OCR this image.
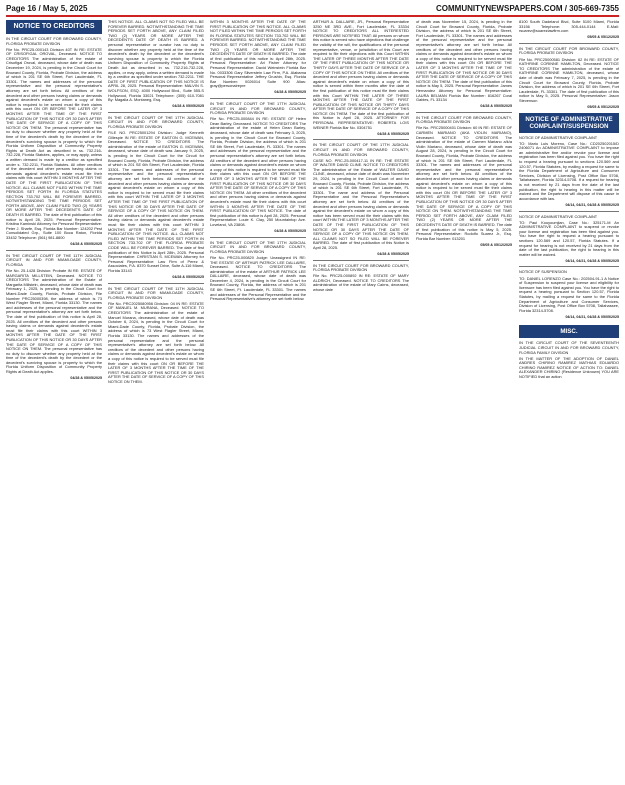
Page 16 / May 5, 2025	COMMUNITYNEWSPAPERS.COM / 305-669-7355
NOTICE TO CREDITORS

IN THE CIRCUIT COURT FOR BROWARD COUNTY, FLORIDA PROBATE DIVISION

File No. PRC25-000143 Division 40T IN RE: ESTATE OF CRISOFIGAL OROVAL, Deceased. NOTICE TO CREDITORS The administration of the estate of Crisofigal Oroval, deceased, whose date of death was December 19, 2024, is pending in the Circuit Court for Broward County, Florida, Probate Division, the address of which is 201 SE 6th Street, Fort Lauderdale, FL 33301. The names and addresses of the personal representative and the personal representative's attorney are set forth below. All creditors of the decedent and other persons having claims or demands against decedent's estate on whom a copy of this notice is required to be served must file their claims with this court ON OR BEFORE THE LATER OF 3 MONTHS AFTER THE TIME OF THE FIRST PUBLICATION OF THIS NOTICE OR 30 DAYS AFTER THE DATE OF SERVICE OF A COPY OF THIS NOTICE ON THEM. The personal representative has no duty to discover whether any property held at the time of the decedent's death by the decedent or the decedent's surviving spouse is property to which the Florida Uniform Disposition of Community Property Rights at Death Act as described in ss. 732.216-732.228, Florida Statutes, applies, or may apply, unless a written demand is made by a creditor as specified under s. 732.2211, Florida Statutes. All other creditors of the decedent and other persons having claims or demands against decedent's estate must file their claims with this court WITHIN 3 MONTHS AFTER THE DATE OF THE FIRST PUBLICATION OF THIS NOTICE. ALL CLAIMS NOT FILED WITHIN THE TIME PERIODS SET FORTH IN FLORIDA STATUTES SECTION 733.702 WILL BE FOREVER BARRED. NOTWITHSTANDING THE TIME PERIODS SET FORTH ABOVE, ANY CLAIM FILED TWO (2) YEARS OR MORE AFTER THE DECEDENT'S DATE OF DEATH IS BARRED. The date of first publication of this notice is April 28, 2025. Personal Representative: Kristina Kaminski Attorney for Personal Representative: Peter J. Sharfe, Esq. Florida Bar Number: 124202 Pest Consolidated Grp., Suite 100 Boca Raton, Florida 33432 Telephone: (561) 981-8800

04/28 & 05/05/2025

IN THE CIRCUIT COURT OF THE 11TH JUDICIAL CIRCUIT IN AND FOR MIAMI-DADE COUNTY, FLORIDA

File No. 25-1428 Division: Probate IN RE: ESTATE OF MARGARITA MILLSTEIN, Deceased. NOTICE TO CREDITORS The administration of the Estate of Margarita Millstein, deceased, whose date of death was February 1, 2025, is pending in the Circuit Court for Miami-Dade County, Florida, Probate Division, File Number PRC25000398, the address of which is 73 West Flagler Street, Miami, Florida 33130. The names and addresses of the personal representative and the personal representative's attorney are set forth below. The date of first publication of this notice is April 28, 2025. All creditors of the decedent and other persons having claims or demands against decedent's estate must file their claims with this court WITHIN 3 MONTHS AFTER THE DATE OF THE FIRST PUBLICATION OF THIS NOTICE OR 30 DAYS AFTER THE DATE OF SERVICE OF A COPY OF THIS NOTICE ON THEM. The personal representative has no duty to discover whether any property held at the time of the decedent's death by the decedent or the decedent's surviving spouse is property to which the Florida Uniform Disposition of Community Property Rights at Death Act applies.

04/28 & 05/05/2025

THIS NOTICE. ALL CLAIMS NOT SO FILED WILL BE FOREVER BARRED. NOTWITHSTANDING THE TIME PERIODS SET FORTH ABOVE, ANY CLAIM FILED TWO (2) YEARS OR MORE AFTER THE DECEDENT'S DATE OF DEATH IS BARRED. A personal representative or curator has no duty to discover whether any property held at the time of the decedent's death by the decedent or the decedent's surviving spouse is property to which the Florida Uniform Disposition of Community Property Rights at Death Act as described in ss. 732.216-732.228, applies, or may apply, unless a written demand is made by a creditor as specified under section 732.2211. THE DATE OF FIRST PUBLICATION OF THIS NOTICE IS APRIL 28, 2025. Personal Representative: MALVIN S. WOLFSON, ESQ. 4000 Hollywood Blvd., Suite 555-S Hollywood, Florida 33021 Telephone: (305) 610-7081 By: Magalia A. Montaneg, Esq.

04/28 & 05/05/2025

IN THE CIRCUIT COURT OF THE 17TH JUDICIAL CIRCUIT IN AND FOR BROWARD COUNTY, FLORIDA PROBATE DIVISION

FILE NO. PRC25001294 Division: Judge Kenneth Gillespie IN RE: ESTATE OF EASTON G. MCEWAN, Deceased. NOTICE TO CREDITORS The administration of the estate of EASTON G. MCEWAN, deceased, whose date of death was January 9, 2025, is pending in the Circuit Court for the Circuit for Broward County, Florida, Probate Division, the address of which is 201 SE 6th Street, Fort Lauderdale, Florida 33301. The names and addresses of the personal representative and the personal representative's attorney are set forth below. All creditors of the decedent and other persons having claims or demands against decedent's estate on whom a copy of this notice is required to be served must file their claims with this court WITHIN THE LATER OF 3 MONTHS AFTER THE TIME OF THE FIRST PUBLICATION OF THIS NOTICE OR 30 DAYS AFTER THE DATE OF SERVICE OF A COPY OF THIS NOTICE ON THEM. All other creditors of the decedent and other persons having claims or demands against decedent's estate must file their claims with this court WITHIN 3 MONTHS AFTER THE DATE OF THE FIRST PUBLICATION OF THIS NOTICE. ALL CLAIMS NOT FILED WITHIN THE TIME PERIODS SET FORTH IN SECTION 733.702 OF THE FLORIDA PROBATE CODE WILL BE FOREVER BARRED. The date of first publication of this Notice is April 28th, 2025. Personal Representative: CHRISTIAN S. MCEWAN Attorney for Personal Representative: Law Firm of Perez & Associates, P.A. 8370 Sunset Drive, Suite A-116 Miami, Florida 33143

04/28 & 05/05/2025

IN THE CIRCUIT COURT OF THE 11TH JUDICIAL CIRCUIT IN AND FOR MIAMI-DADE COUNTY, FLORIDA PROBATE DIVISION

File No. PRC2025080956 Division: 04 IN RE: ESTATE OF MANUEL M. MURANA, Deceased. NOTICE TO CREDITORS The administration of the estate of Manuel Murana, deceased, whose date of death was October 6, 2024, is pending in the Circuit Court for Miami-Dade County, Florida, Probate Division, the address of which is 73 West Flagler Street, Miami, Florida 33130. The names and addresses of the personal representative and the personal representative's attorney are set forth below. All creditors of the decedent and other persons having claims or demands against decedent's estate on whom a copy of this notice is required to be served must file their claims with this court ON OR BEFORE THE LATER OF 3 MONTHS AFTER THE TIME OF THE FIRST PUBLICATION OF THIS NOTICE OR 30 DAYS AFTER THE DATE OF SERVICE OF A COPY OF THIS NOTICE ON THEM.

WITHIN 3 MONTHS AFTER THE DATE OF THE FIRST PUBLICATION OF THIS NOTICE. ALL CLAIMS NOT FILED WITHIN THE TIME PERIODS SET FORTH IN FLORIDA STATUTES SECTION 733.702 WILL BE FOREVER BARRED. NOTWITHSTANDING THE TIME PERIODS SET FORTH ABOVE, ANY CLAIM FILED TWO (2) YEARS OR MORE AFTER THE DECEDENT'S DATE OF DEATH IS BARRED. The date of first publication of this notice is: April 28th, 2025. Personal Representative: Ari Fisher Attorney for Personal Representative: David Weinstein Florida Bar No. 0033306 Gary Silverstein Law Firm, P.A. Alabama Personal Representative Jeffrey Grushin, Esq. Florida Bar Number: 0026014 Suite 900 Alias: gray@personalrepre

04/28 & 05/05/2025

IN THE CIRCUIT COURT OF THE 17TH JUDICIAL CIRCUIT IN AND FOR BROWARD COUNTY, FLORIDA PROBATE DIVISION

File No. PRC25-000844 IN RE: ESTATE OF Helen Dean Barley, Deceased. NOTICE TO CREDITORS The administration of the estate of Helen Dean Barley, deceased, whose date of death was February 3, 2025, is pending in the Circuit Court for Broward County, Florida, Probate Division, the address of which is 201 SE 6th Street, Fort Lauderdale, FL 33301. The names and addresses of the personal representative and the personal representative's attorney are set forth below. All creditors of the decedent and other persons having claims or demands against decedent's estate on whom a copy of this notice is required to be served must file their claims with this court ON OR BEFORE THE LATER OF 3 MONTHS AFTER THE TIME OF THE FIRST PUBLICATION OF THIS NOTICE OR 30 DAYS AFTER THE DATE OF SERVICE OF A COPY OF THIS NOTICE ON THEM. All other creditors of the decedent and other persons having claims or demands against decedent's estate must file their claims with this court WITHIN 3 MONTHS AFTER THE DATE OF THE FIRST PUBLICATION OF THIS NOTICE. The date of first publication of this notice is April 28, 2025. Personal Representative: Louie K. Clay, 250 Mountaintop Ave. Loveland, VA 23808.

04/28 & 05/05/2025

IN THE CIRCUIT COURT OF THE 17TH JUDICIAL CIRCUIT IN AND FOR BROWARD COUNTY, FLORIDA PROBATE DIVISION

File No. PRC25-000820 Judge: Unassigned IN RE: THE ESTATE OF ARTHUR PATRICK LEE DALLAIRE, Deceased. NOTICE TO CREDITORS The administration of the estate of ARTHUR PATRICK LEE DALLAIRE, deceased, whose date of death was December 4, 2024, is pending in the Circuit Court for Broward County, Florida, the address of which is 201 SE 6th Street, Ft. Lauderdale, FL 33301. The names and addresses of the Personal Representative and the Personal Representative's attorney are set forth below.

ARTHUR A. DALLAIRE, JR., Personal Representative 3250 NE 3RD AVE., Fort Lauderdale, FL 33334 NOTICE TO CREDITORS ALL INTERESTED PERSONS ARE NOTIFIED THAT: All persons on whom this notice is served who have objections that challenge the validity of the will, the qualifications of the personal representative, venue, or jurisdiction of this Court are required to file their objections with this Court WITHIN THE LATER OF THREE MONTHS AFTER THE DATE OF THE FIRST PUBLICATION OF THIS NOTICE OR THIRTY DAYS AFTER THE DATE OF SERVICE OF A COPY OF THIS NOTICE ON THEM. All creditors of the decedent and other persons having claims or demands against decedent's estate on whom a copy of this notice is served within three months after the date of the first publication of this notice must file their claims with this Court WITHIN THE LATER OF THREE MONTHS AFTER THE DATE OF THE FIRST PUBLICATION OF THIS NOTICE OR THIRTY DAYS AFTER THE DATE OF SERVICE OF A COPY OF THIS NOTICE ON THEM. The date of the first publication of this Notice is April 28, 2025. ATTORNEY FOR PERSONAL REPRESENTATIVE: ROBERTA LOIS WEINER Florida Bar No. 0304751

04/28 & 05/05/2025

IN THE CIRCUIT COURT OF THE 17TH JUDICIAL CIRCUIT IN AND FOR BROWARD COUNTY, FLORIDA PROBATE DIVISION

CASE NO. PRC-25-000417-11 IN RE: THE ESTATE OF WALTER DAVID CLINE. NOTICE TO CREDITORS The administration of the Estate of WALTER DAVID CLINE, deceased, whose date of death was November 29, 2024, is pending in the Circuit Court of and for Broward County, Florida, Probate Division, the address of which is 201 SE 6th Street, Fort Lauderdale, FL 33301. The name and address of the Personal Representative and the Personal Representative's attorney are set forth below. All creditors of the decedent and other persons having claims or demands against the decedent's estate on whom a copy of this notice has been served must file their claims with this court WITHIN THE LATER OF 3 MONTHS AFTER THE DATE OF THE FIRST PUBLICATION OF THIS NOTICE OR 30 DAYS AFTER THE DATE OF SERVICE OF A COPY OF THIS NOTICE ON THEM. ALL CLAIMS NOT SO FILED WILL BE FOREVER BARRED. The date of first publication of this Notice is April 28, 2025.

04/28 & 05/05/2025

IN THE CIRCUIT COURT FOR BROWARD COUNTY, FLORIDA PROBATE DIVISION

File No. PRC25-000892 IN RE: ESTATE OF MARY ALDRICH, Deceased. NOTICE TO CREDITORS The administration of the estate of Mary Cairns, deceased, whose date

of death was November 15, 2024, is pending in the Circuit Court for Broward County, Florida, Probate Division, the address of which is 201 SE 6th Street, Fort Lauderdale, FL 33301. The names and addresses of the personal representative and the personal representative's attorney are set forth below. All creditors of the decedent and other persons having claims or demands against decedent's estate on whom a copy of this notice is required to be served must file their claims with this court ON OR BEFORE THE LATER OF 3 MONTHS AFTER THE TIME OF THE FIRST PUBLICATION OF THIS NOTICE OR 30 DAYS AFTER THE DATE OF SERVICE OF A COPY OF THIS NOTICE ON THEM. The date of first publication of this notice is May 5, 2025. Personal Representative: James Hernandez Attorney for Personal Representative: LAURA BELMAN Florida Bar Number: 816267 Coral Gables, FL 33134

04/28 & 05/05/2025

IN THE CIRCUIT COURT FOR BROWARD COUNTY, FLORIDA PROBATE DIVISION

File No. PRC25000401 Division: 60 IN RE: ESTATE OF CARMEN MARIANO (AKA VIOLIN MARIANO), Deceased. NOTICE TO CREDITORS The administration of the estate of Carmen Mariano a/k/a Violin Mariano, deceased, whose date of death was August 28, 2024, is pending in the Circuit Court for Broward County, Florida, Probate Division, the address of which is 201 SE 6th Street, Fort Lauderdale, FL 33301. The names and addresses of the personal representative and the personal representative's attorney are set forth below. All creditors of the decedent and other persons having claims or demands against decedent's estate on whom a copy of this notice is required to be served must file their claims with this court ON OR BEFORE THE LATER OF 3 MONTHS AFTER THE TIME OF THE FIRST PUBLICATION OF THIS NOTICE OR 30 DAYS AFTER THE DATE OF SERVICE OF A COPY OF THIS NOTICE ON THEM. NOTWITHSTANDING THE TIME PERIOD SET FORTH ABOVE, ANY CLAIM FILED TWO (2) YEARS OR MORE AFTER THE DECEDENT'S DATE OF DEATH IS BARRED. The date of first publication of this notice is May 5, 2025. Personal Representative: Rodolfo Suarez Jr., Esq. Florida Bar Number: 013201

05/05 & 05/12/2025

8100 South Dadeland Blvd, Suite 5100 Miami, Florida 33156 Telephone: 305-444-0144 E-Mail: rsuarez@suarezlawfirm.com

05/05 & 05/12/2025

IN THE CIRCUIT COURT FOR BROWARD COUNTY, FLORIDA PROBATE DIVISION

File No. PRC25000581 Division: 62 IN RE: ESTATE OF KATHRINE CORINNE HAMILTON, Deceased. NOTICE TO CREDITORS The administration of the estate of KATHRINE CORINNE HAMILTON, deceased, whose date of death was February 7, 2025, is pending in the Circuit Court for Broward County, Florida, Probate Division, the address of which is 201 SE 6th Street, Fort Lauderdale, FL 33301. The date of first publication of this notice is May 5, 2025. Personal Representative: Jason Stevenson

05/05 & 05/12/2025

NOTICE OF ADMINISTRATIVE COMPLAINT/SUSPENSION

NOTICE OF ADMINISTRATIVE COMPLAINT

TO: Mario Luis Moreno, Case No.: CD202502015/D 2406071 An ADMINISTRATIVE COMPLAINT to impose an administrative fine and/or revoke your license and registration has been filed against you. You have the right to request a hearing pursuant to sections 120.569 and 120.57, Florida Statutes, by mailing a request for same to the Florida Department of Agriculture and Consumer Services, Division of Licensing, Post Office Box 5708, Tallahassee, Florida 32314-5708. If a request for hearing is not received by 21 days from the date of the last publication, the right to hearing in this matter will be waived and the Department will dispose of this cause in accordance with law.

04/14, 04/21, 04/28 & 05/05/2025

NOTICE OF ADMINISTRATIVE COMPLAINT

TO: Paul Kouyoumjian, Case No.: 325171-M An ADMINISTRATIVE COMPLAINT to suspend or revoke your license and registration has been filed against you. You have the right to request a hearing pursuant to sections 120.569 and 120.57, Florida Statutes. If a request for hearing is not received by 21 days from the date of the last publication, the right to hearing in this matter will be waived.

04/14, 04/21, 04/28 & 05/05/2025

NOTICE OF SUSPENSION

TO: DANIEL LORENZO Case No.: 202504-91-1 A Notice of Suspension to suspend your license and eligibility for licensure has been filed against you. You have the right to request a hearing pursuant to Section 120.57, Florida Statutes, by mailing a request for same to the Florida Department of Agriculture and Consumer Services, Division of Licensing, Post Office Box 5708, Tallahassee, Florida 32314-5708.

04/14, 04/21, 04/28 & 05/05/2025

MISC.

IN THE CIRCUIT COURT OF THE SEVENTEENTH JUDICIAL CIRCUIT IN AND FOR BROWARD COUNTY, FLORIDA FAMILY DIVISION

IN THE MATTER OF THE ADOPTION OF DANIEL ANDRES CHIRINO RAMIREZ MATHIAS EDUARDO CHIRINO RAMIREZ NOTICE OF ACTION TO: DANIEL ALEXANDER CHIRINO (Residence Unknown) YOU ARE NOTIFIED that an action
